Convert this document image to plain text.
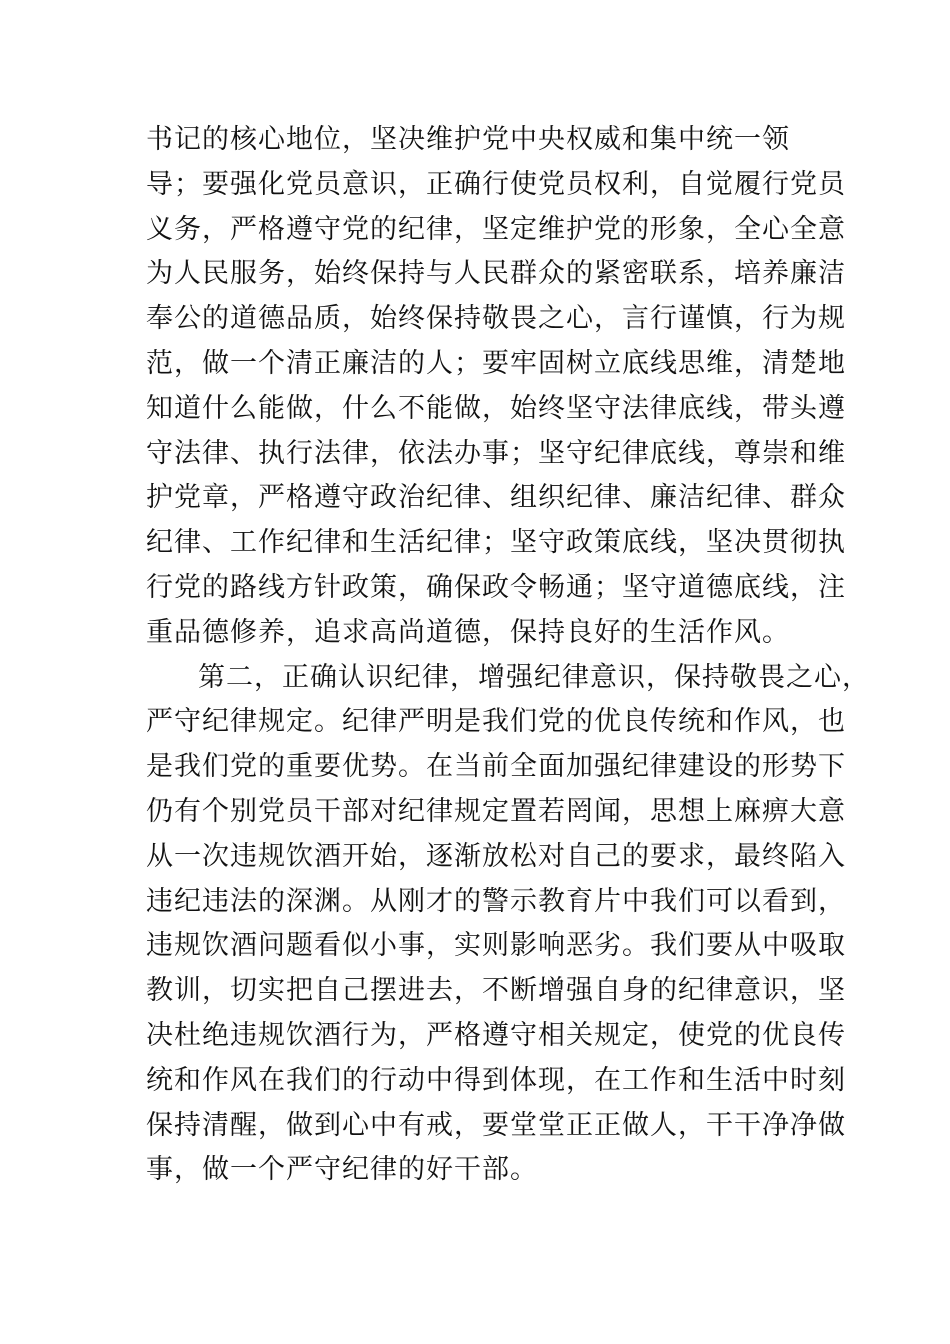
书记的核心地位，坚决维护党中央权威和集中统一领
导；要强化党员意识，正确行使党员权利，自觉履行党员
义务，严格遵守党的纪律，坚定维护党的形象，全心全意
为人民服务，始终保持与人民群众的紧密联系，培养廉洁
奉公的道德品质，始终保持敬畏之心，言行谨慎，行为规
范，做一个清正廉洁的人；要牢固树立底线思维，清楚地
知道什么能做，什么不能做，始终坚守法律底线，带头遵
守法律、执行法律，依法办事；坚守纪律底线，尊崇和维
护党章，严格遵守政治纪律、组织纪律、廉洁纪律、群众
纪律、工作纪律和生活纪律；坚守政策底线，坚决贯彻执
行党的路线方针政策，确保政令畅通；坚守道德底线，注
重品德修养，追求高尚道德，保持良好的生活作风。
第二，正确认识纪律，增强纪律意识，保持敬畏之心，
严守纪律规定。纪律严明是我们党的优良传统和作风，也
是我们党的重要优势。在当前全面加强纪律建设的形势下
仍有个别党员干部对纪律规定置若罔闻，思想上麻痹大意
从一次违规饮酒开始，逐渐放松对自己的要求，最终陷入
违纪违法的深渊。从刚才的警示教育片中我们可以看到，
违规饮酒问题看似小事，实则影响恶劣。我们要从中吸取
教训，切实把自己摆进去，不断增强自身的纪律意识，坚
决杜绝违规饮酒行为，严格遵守相关规定，使党的优良传
统和作风在我们的行动中得到体现，在工作和生活中时刻
保持清醒，做到心中有戒，要堂堂正正做人，干干净净做
事，做一个严守纪律的好干部。
